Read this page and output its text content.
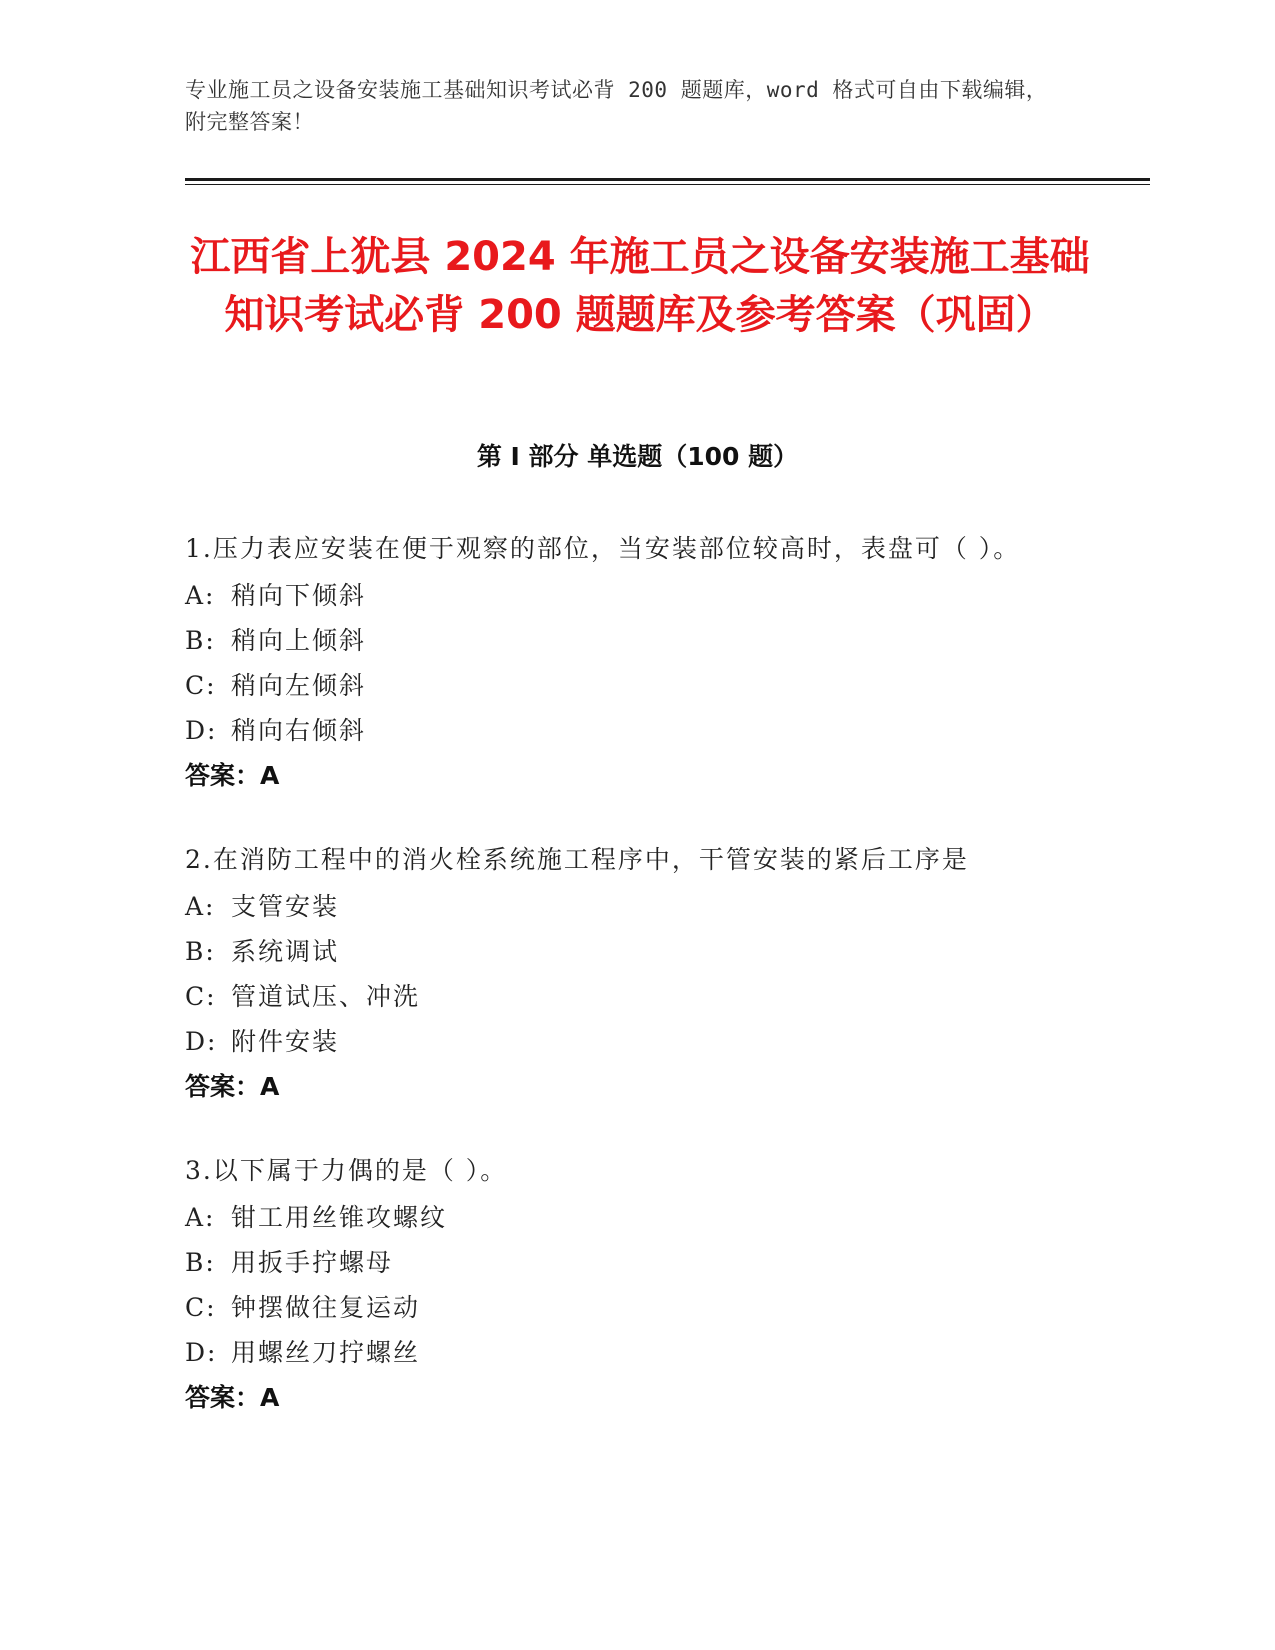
专业施工员之设备安装施工基础知识考试必背 200 题题库，word 格式可自由下载编辑，附完整答案！
江西省上犹县 2024 年施工员之设备安装施工基础知识考试必背 200 题题库及参考答案（巩固）
第 I 部分 单选题（100 题）
1.压力表应安装在便于观察的部位，当安装部位较高时，表盘可（ ）。
A: 稍向下倾斜
B: 稍向上倾斜
C: 稍向左倾斜
D: 稍向右倾斜
答案：A
2.在消防工程中的消火栓系统施工程序中，干管安装的紧后工序是
A: 支管安装
B: 系统调试
C: 管道试压、冲洗
D: 附件安装
答案：A
3.以下属于力偶的是（ ）。
A: 钳工用丝锥攻螺纹
B: 用扳手拧螺母
C: 钟摆做往复运动
D: 用螺丝刀拧螺丝
答案：A
